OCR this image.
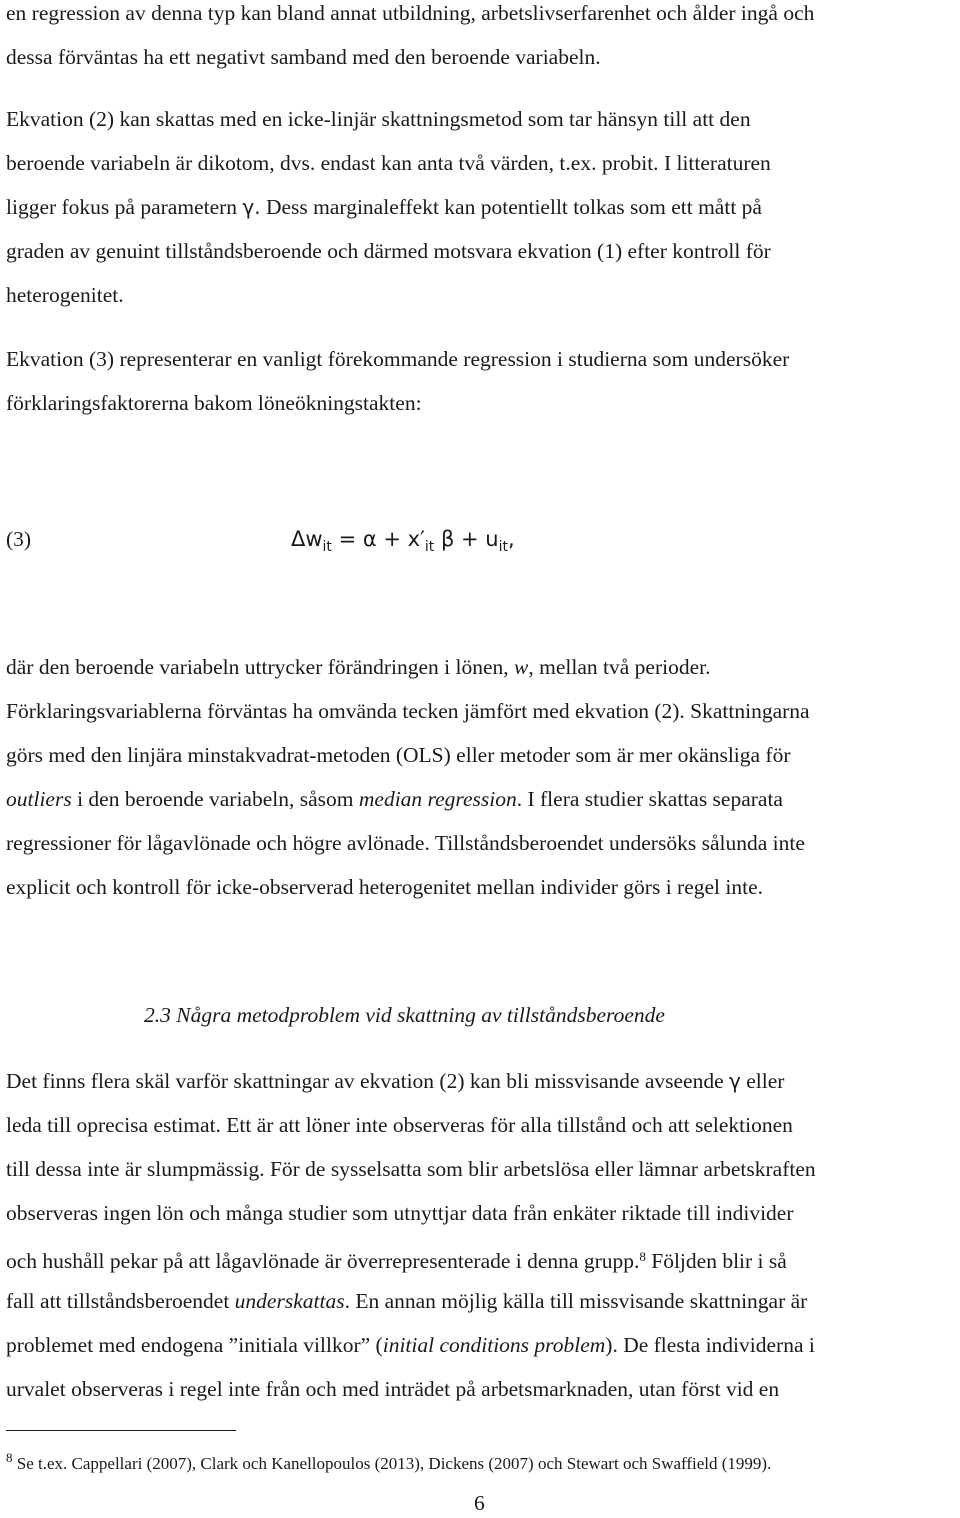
en regression av denna typ kan bland annat utbildning, arbetslivserfarenhet och ålder ingå och
dessa förväntas ha ett negativt samband med den beroende variabeln.
Ekvation (2) kan skattas med en icke-linjär skattningsmetod som tar hänsyn till att den
beroende variabeln är dikotom, dvs. endast kan anta två värden, t.ex. probit. I litteraturen
ligger fokus på parametern γ. Dess marginaleffekt kan potentiellt tolkas som ett mått på
graden av genuint tillståndsberoende och därmed motsvara ekvation (1) efter kontroll för
heterogenitet.
Ekvation (3) representerar en vanligt förekommande regression i studierna som undersöker
förklaringsfaktorerna bakom löneökningstakten:
(3)	$\Delta w_{it} = \alpha + x'_{it}$ $\beta + u_{it}$,
där den beroende variabeln uttrycker förändringen i lönen, w, mellan två perioder.
Förklaringsvariablerna förväntas ha omvända tecken jämfört med ekvation (2). Skattningarna
görs med den linjära minstakvadrat-metoden (OLS) eller metoder som är mer okänsliga för
outliers i den beroende variabeln, såsom median regression. I flera studier skattas separata
regressioner för lågavlönade och högre avlönade. Tillståndsberoendet undersöks sålunda inte
explicit och kontroll för icke-observerad heterogenitet mellan individer görs i regel inte.
2.3 Några metodproblem vid skattning av tillståndsberoende
Det finns flera skäl varför skattningar av ekvation (2) kan bli missvisande avseende γ eller
leda till oprecisa estimat. Ett är att löner inte observeras för alla tillstånd och att selektionen
till dessa inte är slumpmässig. För de sysselsatta som blir arbetslösa eller lämnar arbetskraften
observeras ingen lön och många studier som utnyttjar data från enkäter riktade till individer
och hushåll pekar på att lågavlönade är överrepresenterade i denna grupp.$^8$ Följden blir i så
fall att tillståndsberoendet underskattas. En annan möjlig källa till missvisande skattningar är
problemet med endogena ”initiala villkor” (initial conditions problem). De flesta individerna i
urvalet observeras i regel inte från och med inträdet på arbetsmarknaden, utan först vid en
$^8$ Se t.ex. Cappellari (2007), Clark och Kanellopoulos (2013), Dickens (2007) och Stewart och Swaffield (1999).
6
